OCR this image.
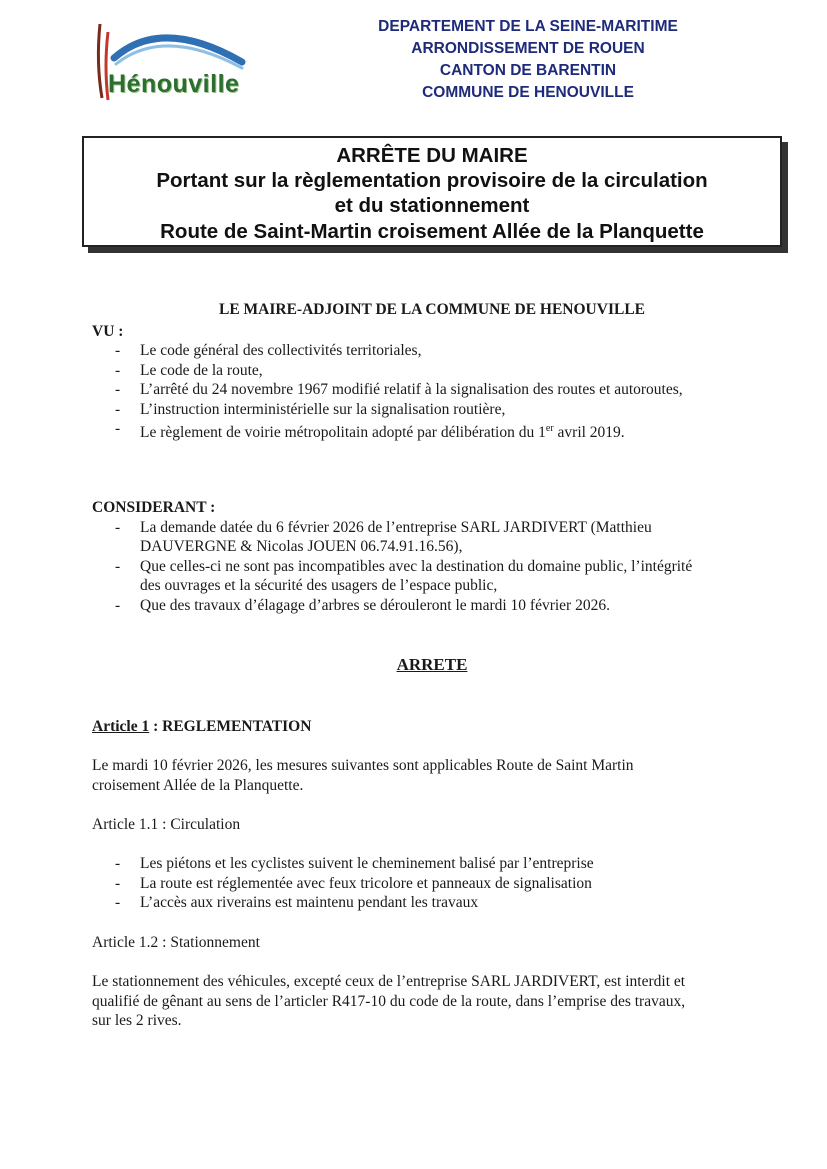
Hénouville
DEPARTEMENT DE LA SEINE-MARITIME
ARRONDISSEMENT DE ROUEN
CANTON DE BARENTIN
COMMUNE DE HENOUVILLE
ARRÊTE DU MAIRE
Portant sur la règlementation provisoire de la circulation
et du stationnement
Route de Saint-Martin croisement Allée de la Planquette
LE MAIRE-ADJOINT DE LA COMMUNE DE HENOUVILLE
VU :
- Le code général des collectivités territoriales,
- Le code de la route,
- L’arrêté du 24 novembre 1967 modifié relatif à la signalisation des routes et autoroutes,
- L’instruction interministérielle sur la signalisation routière,
- Le règlement de voirie métropolitain adopté par délibération du 1er avril 2019.
CONSIDERANT :
- La demande datée du 6 février 2026 de l’entreprise SARL JARDIVERT (Matthieu
DAUVERGNE & Nicolas JOUEN 06.74.91.16.56),
- Que celles-ci ne sont pas incompatibles avec la destination du domaine public, l’intégrité
des ouvrages et la sécurité des usagers de l’espace public,
- Que des travaux d’élagage d’arbres se dérouleront le mardi 10 février 2026.
ARRETE
Article 1 : REGLEMENTATION
Le mardi 10 février 2026, les mesures suivantes sont applicables Route de Saint Martin
croisement Allée de la Planquette.
Article 1.1 : Circulation
- Les piétons et les cyclistes suivent le cheminement balisé par l’entreprise
- La route est réglementée avec feux tricolore et panneaux de signalisation
- L’accès aux riverains est maintenu pendant les travaux
Article 1.2 : Stationnement
Le stationnement des véhicules, excepté ceux de l’entreprise SARL JARDIVERT, est interdit et
qualifié de gênant au sens de l’articler R417-10 du code de la route, dans l’emprise des travaux,
sur les 2 rives.
